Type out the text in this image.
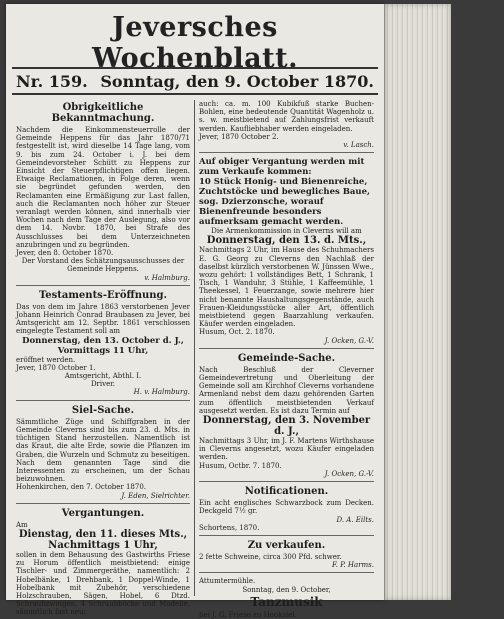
Jeversches Wochenblatt.
Nr. 159. Sonntag, den 9. October 1870.
Obrigkeitliche Bekanntmachung.
Nachdem die Einkommensteuerrolle der Gemeinde Heppens für das Jahr 1870/71 festgestellt ist, wird dieselbe 14 Tage lang, vom 9. bis zum 24. October i. J. bei dem Gemeindevorsteher Schütt zu Heppens zur Einsicht der Steuerpflichtigen offen liegen. Etwaige Reclamationen, in Folge deren, wenn sie begründet gefunden werden, den Reclamanten eine Ermäßigung zur Last fallen, auch die Reclamanten noch höher zur Steuer veranlagt werden können, sind innerhalb vier Wochen nach dem Tage der Auslegung, also vor dem 14. Novbr. 1870, bei Strafe des Ausschlusses bei dem Unterzeichneten anzubringen und zu begründen.
Jever, den 8. October 1870.
Der Vorstand des Schätzungsausschusses der Gemeinde Heppens.
v. Halmburg.
Testaments-Eröffnung.
Das von dem im Jahre 1863 verstorbenen Jever Johann Heinrich Conrad Braubasen zu Jever, bei Amtsgericht am 12. Septbr. 1861 verschlossen eingelegte Testament soll am
Donnerstag, den 13. October d. J.,
Vormittags 11 Uhr,
eröffnet werden.
Jever, 1870 October 1.
Amtsgericht, Abthl. I.
Driver.
H. v. Halmburg.
Siel-Sache.
Sämmtliche Züge und Schiffgraben in der Gemeinde Cleverns sind bis zum 23. d. Mts. in tüchtigen Stand herzustellen. Namentlich ist das Kraut, die alte Erde, sowie die Pflanzen im Graben, die Wurzeln und Schmutz zu beseitigen. Nach dem genannten Tage sind die Interessenten zu erscheinen, um der Schau beizuwohnen.
Hohenkirchen, den 7. October 1870.
J. Eden, Sielrichter.
Vergantungen.
Am
Dienstag, den 11. dieses Mts.,
Nachmittags 1 Uhr,
sollen in dem Behausung des Gastwirths Friese zu Horum öffentlich meistbietend: einige Tischler- und Zimmergeräthe, namentlich: 2 Hobelbänke, 1 Drehbank, 1 Doppel-Winde, 1 Hobelbank mit Zubehör, verschiedene Holzschrauben, Sägen, Hobel, 6 Dtzd. Schraubzwingen, 4 Schraubböcke und Modelle, sämmtlich fast neu;
auch: ca. m. 100 Kubikfuß starke Buchen-Bohlen, eine bedeutende Quantität Wagenholz u. s. w. meistbietend auf Zahlungsfrist verkauft werden. Kaufliebhaber werden eingeladen.
Jever, 1870 October 2.
v. Lasch.
Auf obiger Vergantung werden mit zum Verkaufe kommen:
10 Stück Honig- und Bienenreiche, Zuchtstöcke und bewegliches Baue, sog. Dzierzonsche, worauf Bienenfreunde besonders aufmerksam gemacht werden.
Die Armenkommission in Cleverns will am
Donnerstag, den 13. d. Mts.,
Nachmittags 2 Uhr, im Hause des Schuhmachers E. G. Georg zu Cleverns den Nachlaß der daselbst kürzlich verstorbenen W. Jünssen Wwe., wozu gehört: 1 vollständiges Bett, 1 Schrank, 1 Tisch, 1 Wanduhr, 3 Stühle, 1 Kaffeemühle, 1 Theekessel, 1 Feuerzange, sowie mehrere hier nicht benannte Haushaltungsgegenstände, auch Frauen-Kleidungsstücke aller Art, öffentlich meistbietend gegen Baarzahlung verkaufen. Käufer werden eingeladen.
Husum, Oct. 2. 1870.
J. Ocken, G.-V.
Gemeinde-Sache.
Nach Beschluß der Cleverner Gemeindevertretung und Oberleitung der Gemeinde soll am Kirchhof Cleverns vorhandene Armenland nebst dem dazu gehörenden Garten zum öffentlich meistbietenden Verkauf ausgesetzt werden. Es ist dazu Termin auf
Donnerstag, den 3. November d. J.,
Nachmittags 3 Uhr, im J. F. Martens Wirthshause in Cleverns angesetzt, wozu Käufer eingeladen werden.
Husum, Octbr. 7. 1870.
J. Ocken, G.-V.
Notificationen.
Ein acht englisches Schwarzbock zum Decken. Deckgeld 7½ gr.
D. A. Eilts.
Schortens, 1870.
Zu verkaufen.
2 fette Schweine, circa 300 Pfd. schwer.
F. P. Harms.
Attumtermühle.
Sonntag, den 9. October,
Tanzmusik
bei J. G. Friese zu Hooksiel.
